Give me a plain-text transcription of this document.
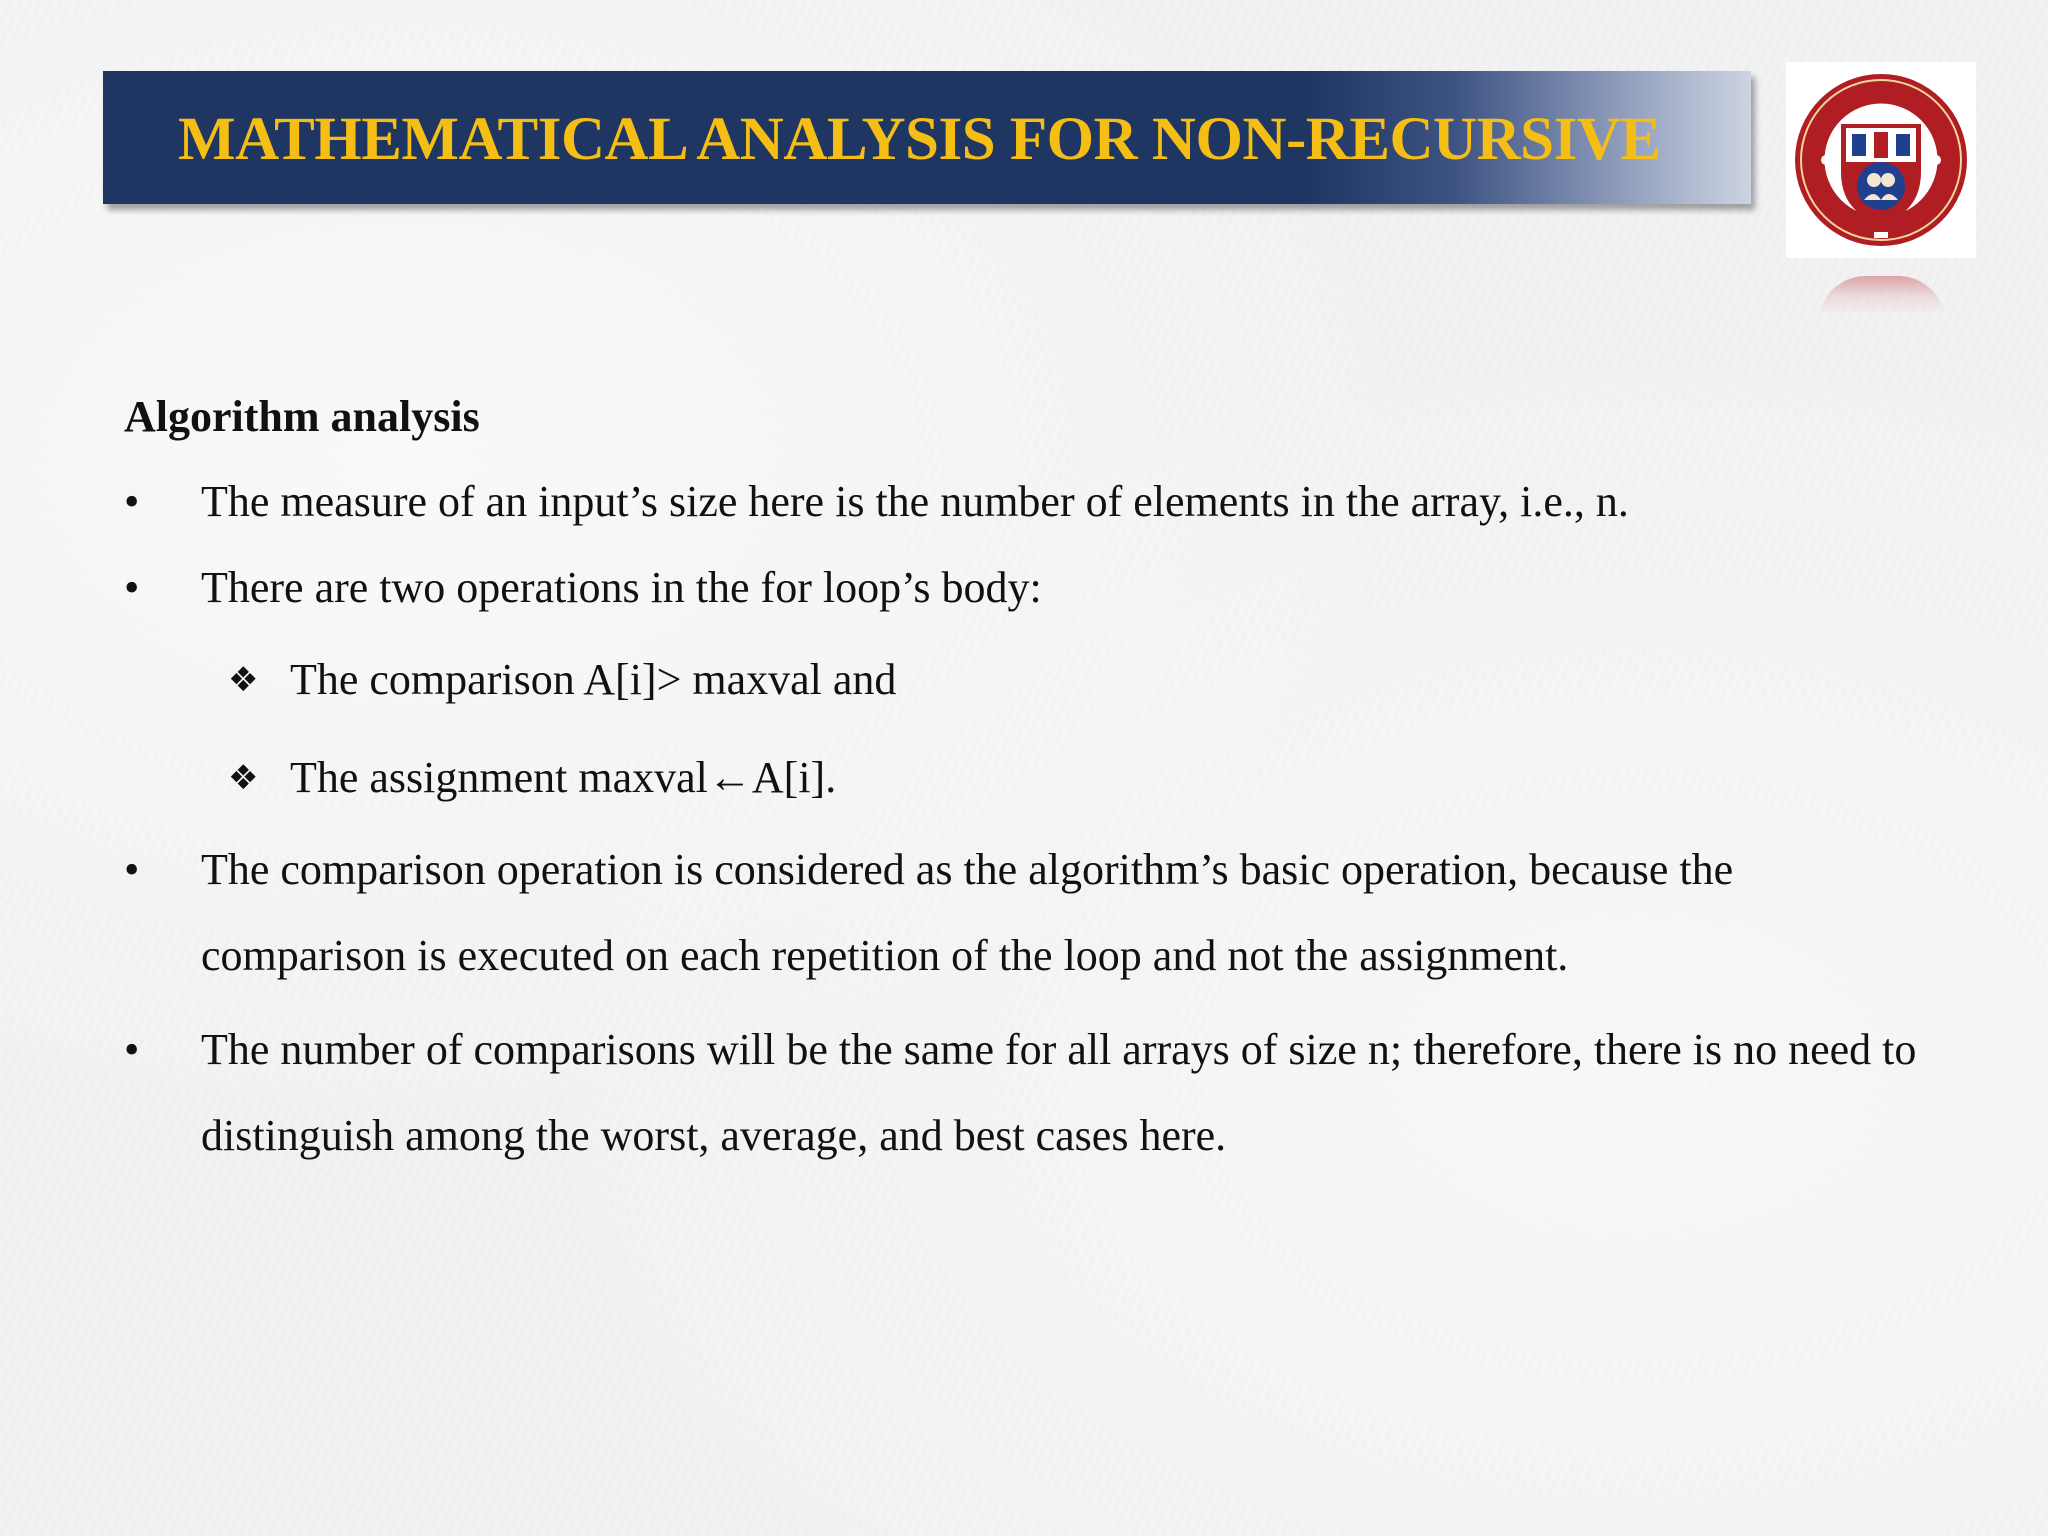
MATHEMATICAL ANALYSIS FOR NON-RECURSIVE
Algorithm analysis
•	The measure of an input’s size here is the number of elements in the array, i.e., n.
•	There are two operations in the for loop’s body:
❖ The comparison A[i]> maxval and
❖ The assignment maxval←A[i].
•	The comparison operation is considered as the algorithm’s basic operation, because the comparison is executed on each repetition of the loop and not the assignment.
•	The number of comparisons will be the same for all arrays of size n; therefore, there is no need to distinguish among the worst, average, and best cases here.
